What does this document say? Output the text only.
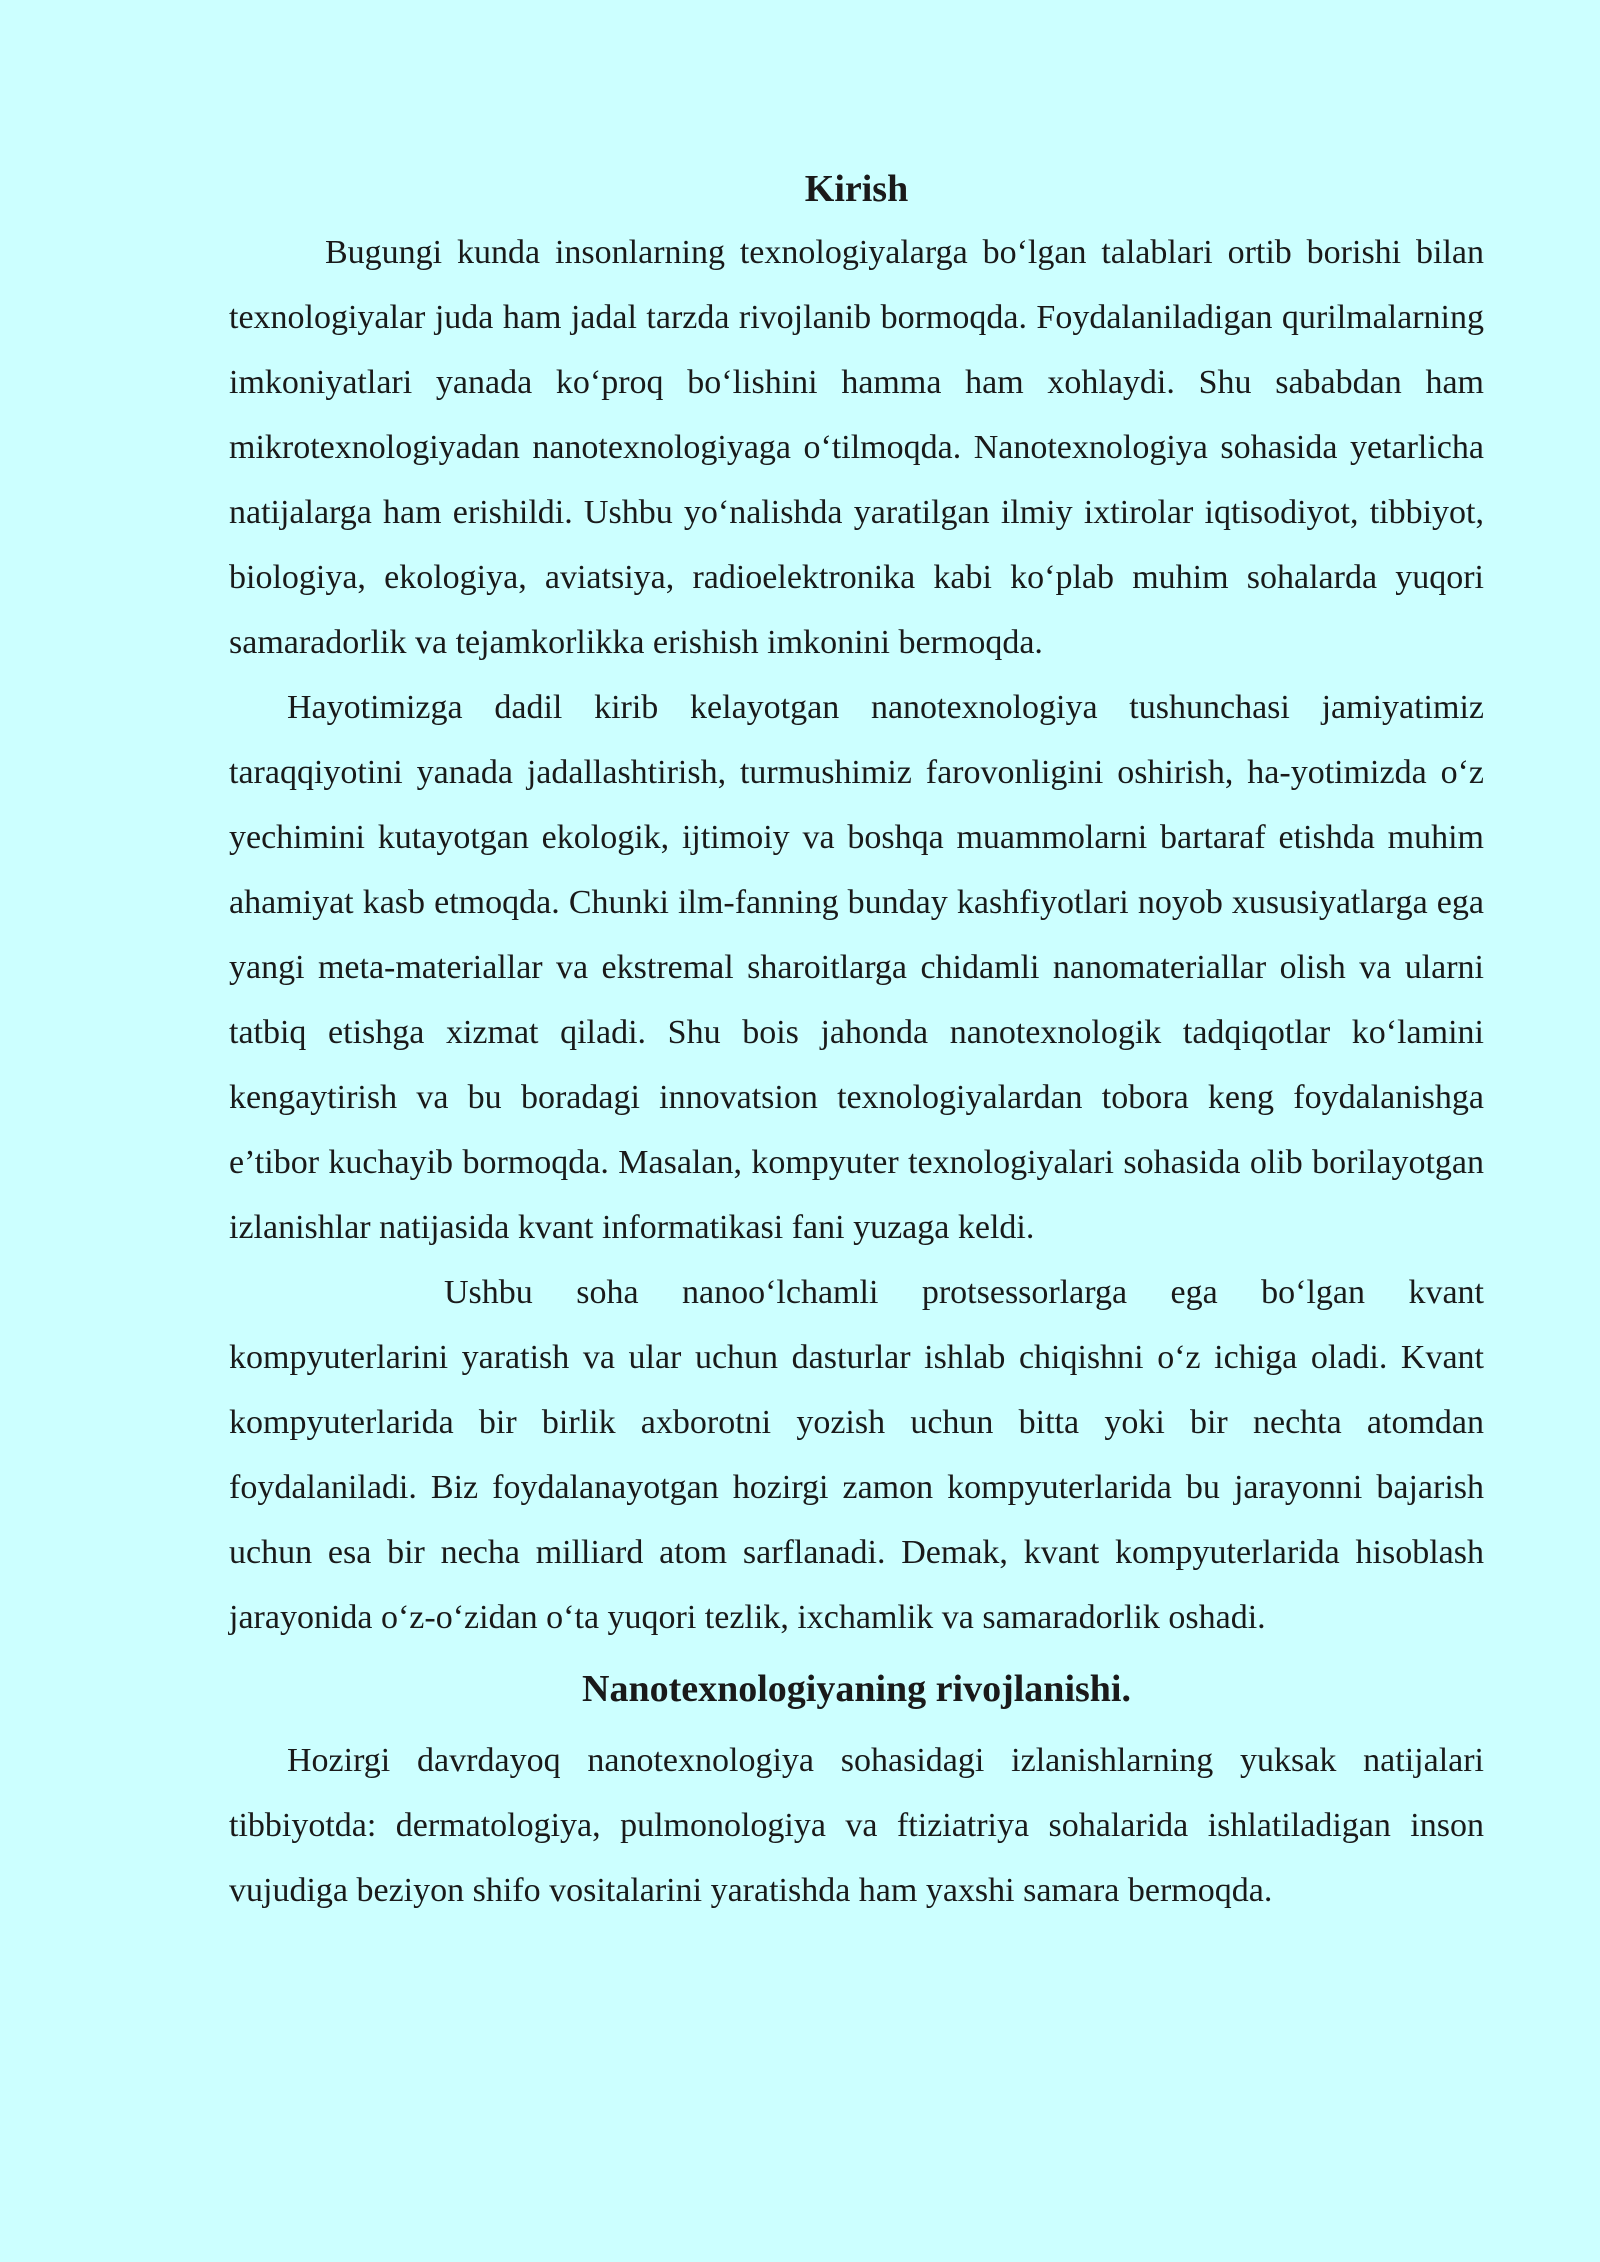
Kirish

Bugungi kunda insonlarning texnologiyalarga boʻlgan talablari ortib borishi bilan texnologiyalar juda ham jadal tarzda rivojlanib bormoqda. Foydalaniladigan qurilmalarning imkoniyatlari yanada koʻproq boʻlishini hamma ham xohlaydi. Shu sababdan ham mikrotexnologiyadan nanotexnologiyaga oʻtilmoqda. Nanotexnologiya sohasida yetarlicha natijalarga ham erishildi. Ushbu yoʻnalishda yaratilgan ilmiy ixtirolar iqtisodiyot, tibbiyot, biologiya, ekologiya, aviatsiya, radioelektronika kabi koʻplab muhim sohalarda yuqori samaradorlik va tejamkorlikka erishish imkonini bermoqda.

Hayotimizga dadil kirib kelayotgan nanotexnologiya tushunchasi jamiyatimiz taraqqiyotini yanada jadallashtirish, turmushimiz farovonligini oshirish, ha-yotimizda oʻz yechimini kutayotgan ekologik, ijtimoiy va boshqa muammolarni bartaraf etishda muhim ahamiyat kasb etmoqda. Chunki ilm-fanning bunday kashfiyotlari noyob xususiyatlarga ega yangi meta-materiallar va ekstremal sharoitlarga chidamli nanomateriallar olish va ularni tatbiq etishga xizmat qiladi. Shu bois jahonda nanotexnologik tadqiqotlar koʻlamini kengaytirish va bu boradagi innovatsion texnologiyalardan tobora keng foydalanishga e’tibor kuchayib bormoqda. Masalan, kompyuter texnologiyalari sohasida olib borilayotgan izlanishlar natijasida kvant informatikasi fani yuzaga keldi.

Ushbu soha nanooʻlchamli protsessorlarga ega boʻlgan kvant kompyuterlarini yaratish va ular uchun dasturlar ishlab chiqishni oʻz ichiga oladi. Kvant kompyuterlarida bir birlik axborotni yozish uchun bitta yoki bir nechta atomdan foydalaniladi. Biz foydalanayotgan hozirgi zamon kompyuterlarida bu jarayonni bajarish uchun esa bir necha milliard atom sarflanadi. Demak, kvant kompyuterlarida hisoblash jarayonida oʻz-oʻzidan oʻta yuqori tezlik, ixchamlik va samaradorlik oshadi.

Nanotexnologiyaning rivojlanishi.

Hozirgi davrdayoq nanotexnologiya sohasidagi izlanishlarning yuksak natijalari tibbiyotda: dermatologiya, pulmonologiya va ftiziatriya sohalarida ishlatiladigan inson vujudiga beziyon shifo vositalarini yaratishda ham yaxshi samara bermoqda.
